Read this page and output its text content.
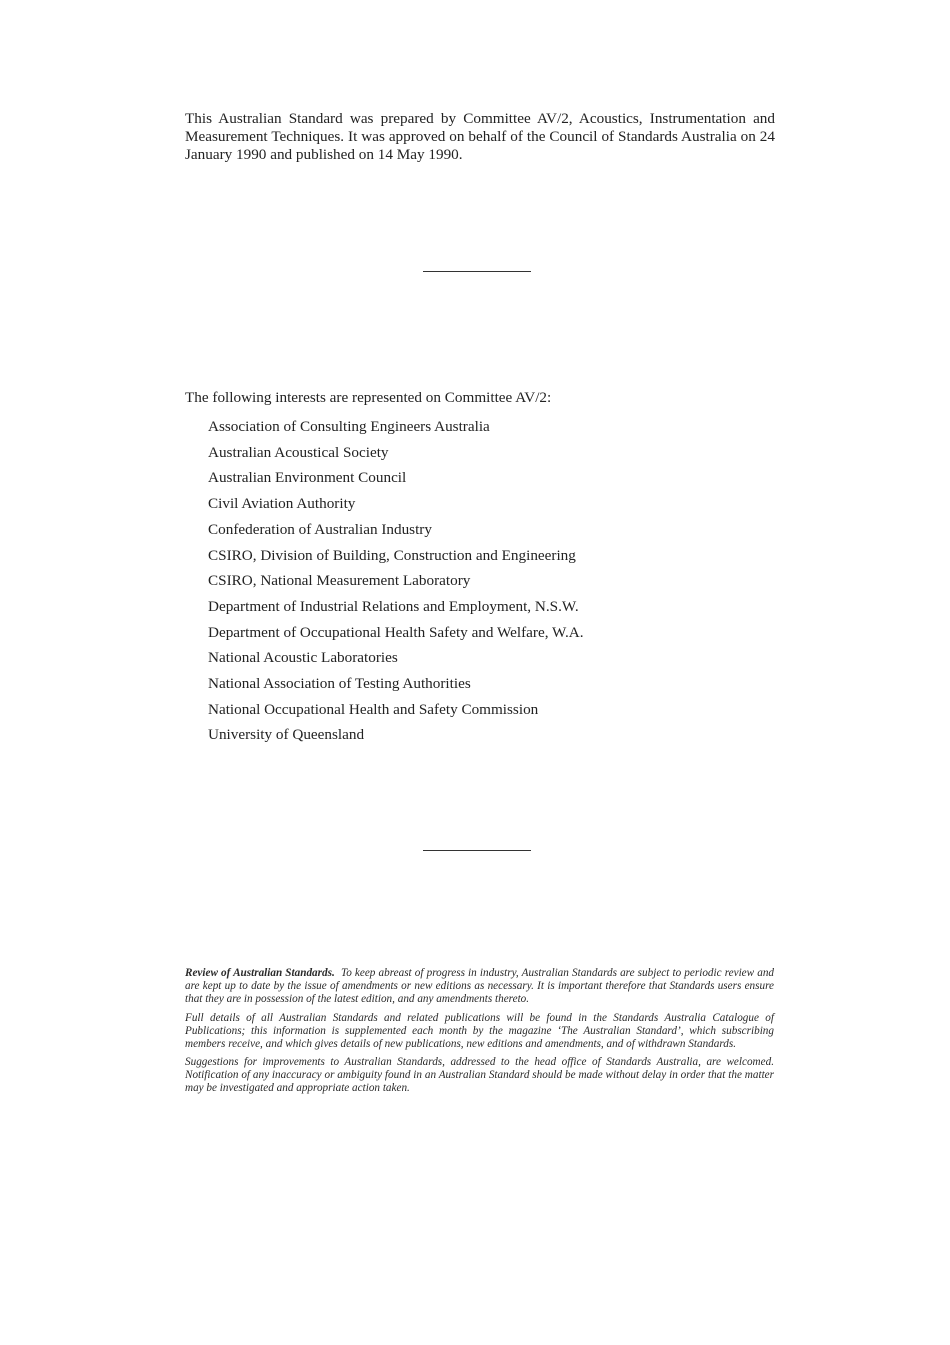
This Australian Standard was prepared by Committee AV/2, Acoustics, Instrumentation and Measurement Techniques. It was approved on behalf of the Council of Standards Australia on 24 January 1990 and published on 14 May 1990.

The following interests are represented on Committee AV/2:

Association of Consulting Engineers Australia
Australian Acoustical Society
Australian Environment Council
Civil Aviation Authority
Confederation of Australian Industry
CSIRO, Division of Building, Construction and Engineering
CSIRO, National Measurement Laboratory
Department of Industrial Relations and Employment, N.S.W.
Department of Occupational Health Safety and Welfare, W.A.
National Acoustic Laboratories
National Association of Testing Authorities
National Occupational Health and Safety Commission
University of Queensland

Review of Australian Standards. To keep abreast of progress in industry, Australian Standards are subject to periodic review and are kept up to date by the issue of amendments or new editions as necessary. It is important therefore that Standards users ensure that they are in possession of the latest edition, and any amendments thereto.

Full details of all Australian Standards and related publications will be found in the Standards Australia Catalogue of Publications; this information is supplemented each month by the magazine ‘The Australian Standard’, which subscribing members receive, and which gives details of new publications, new editions and amendments, and of withdrawn Standards.

Suggestions for improvements to Australian Standards, addressed to the head office of Standards Australia, are welcomed. Notification of any inaccuracy or ambiguity found in an Australian Standard should be made without delay in order that the matter may be investigated and appropriate action taken.
